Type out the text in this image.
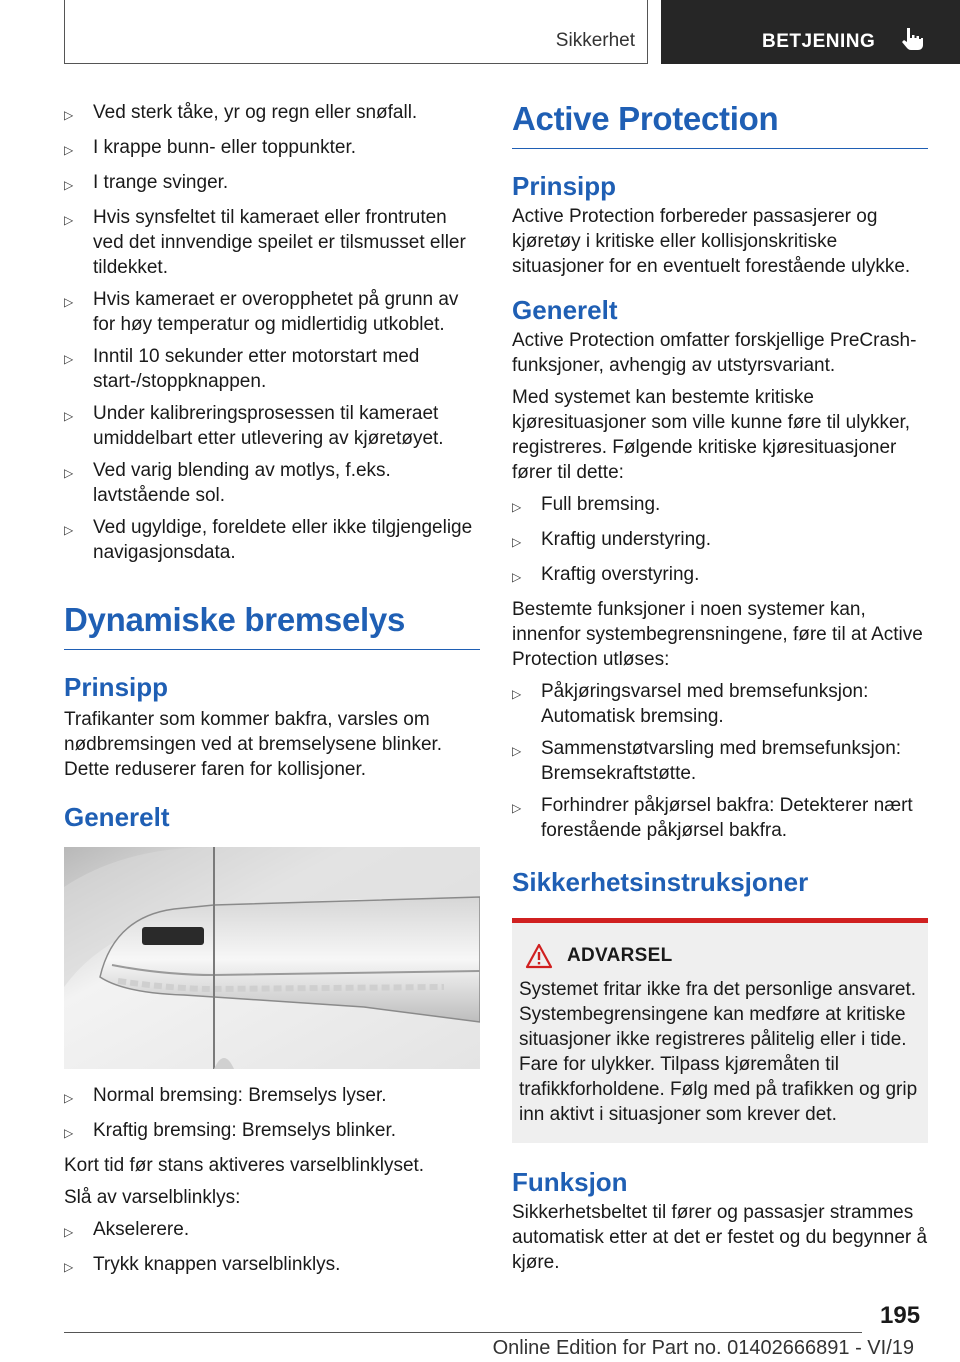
Sikkerhet	BETJENING
▷	Ved sterk tåke, yr og regn eller snøfall.
▷	I krappe bunn- eller toppunkter.
▷	I trange svinger.
▷	Hvis synsfeltet til kameraet eller frontruten ved det innvendige speilet er tilsmusset eller tildekket.
▷	Hvis kameraet er overopphetet på grunn av for høy temperatur og midlertidig utkoblet.
▷	Inntil 10 sekunder etter motorstart med start-/stoppknappen.
▷	Under kalibreringsprosessen til kameraet umiddelbart etter utlevering av kjøretøyet.
▷	Ved varig blending av motlys, f.eks. lavtstående sol.
▷	Ved ugyldige, foreldete eller ikke tilgjengelige navigasjonsdata.
Dynamiske bremselys
Prinsipp

Trafikanter som kommer bakfra, varsles om nødbremsingen ved at bremselysene blinker. Dette reduserer faren for kollisjoner.

Generelt
▷	Normal bremsing: Bremselys lyser.
▷	Kraftig bremsing: Bremselys blinker.

Kort tid før stans aktiveres varselblinklyset.

Slå av varselblinklys:

▷	Akselerere.
▷	Trykk knappen varselblinklys.
Active Protection
Prinsipp

Active Protection forbereder passasjerer og kjøretøy i kritiske eller kollisjonskritiske situasjoner for en eventuelt forestående ulykke.

Generelt

Active Protection omfatter forskjellige PreCrash-funksjoner, avhengig av utstyrsvariant.

Med systemet kan bestemte kritiske kjøresituasjoner som ville kunne føre til ulykker, registreres. Følgende kritiske kjøresituasjoner fører til dette:

▷	Full bremsing.
▷	Kraftig understyring.
▷	Kraftig overstyring.

Bestemte funksjoner i noen systemer kan, innenfor systembegrensningene, føre til at Active Protection utløses:

▷	Påkjøringsvarsel med bremsefunksjon: Automatisk bremsing.
▷	Sammenstøtvarsling med bremsefunksjon: Bremsekraftstøtte.
▷	Forhindrer påkjørsel bakfra: Detekterer nært forestående påkjørsel bakfra.
Sikkerhetsinstruksjoner
ADVARSEL
Systemet fritar ikke fra det personlige ansvaret. Systembegrensingene kan medføre at kritiske situasjoner ikke registreres pålitelig eller i tide. Fare for ulykker. Tilpass kjøremåten til trafikkforholdene. Følg med på trafikken og grip inn aktivt i situasjoner som krever det.
Funksjon

Sikkerhetsbeltet til fører og passasjer strammes automatisk etter at det er festet og du begynner å kjøre.

195
Online Edition for Part no. 01402666891 - VI/19
